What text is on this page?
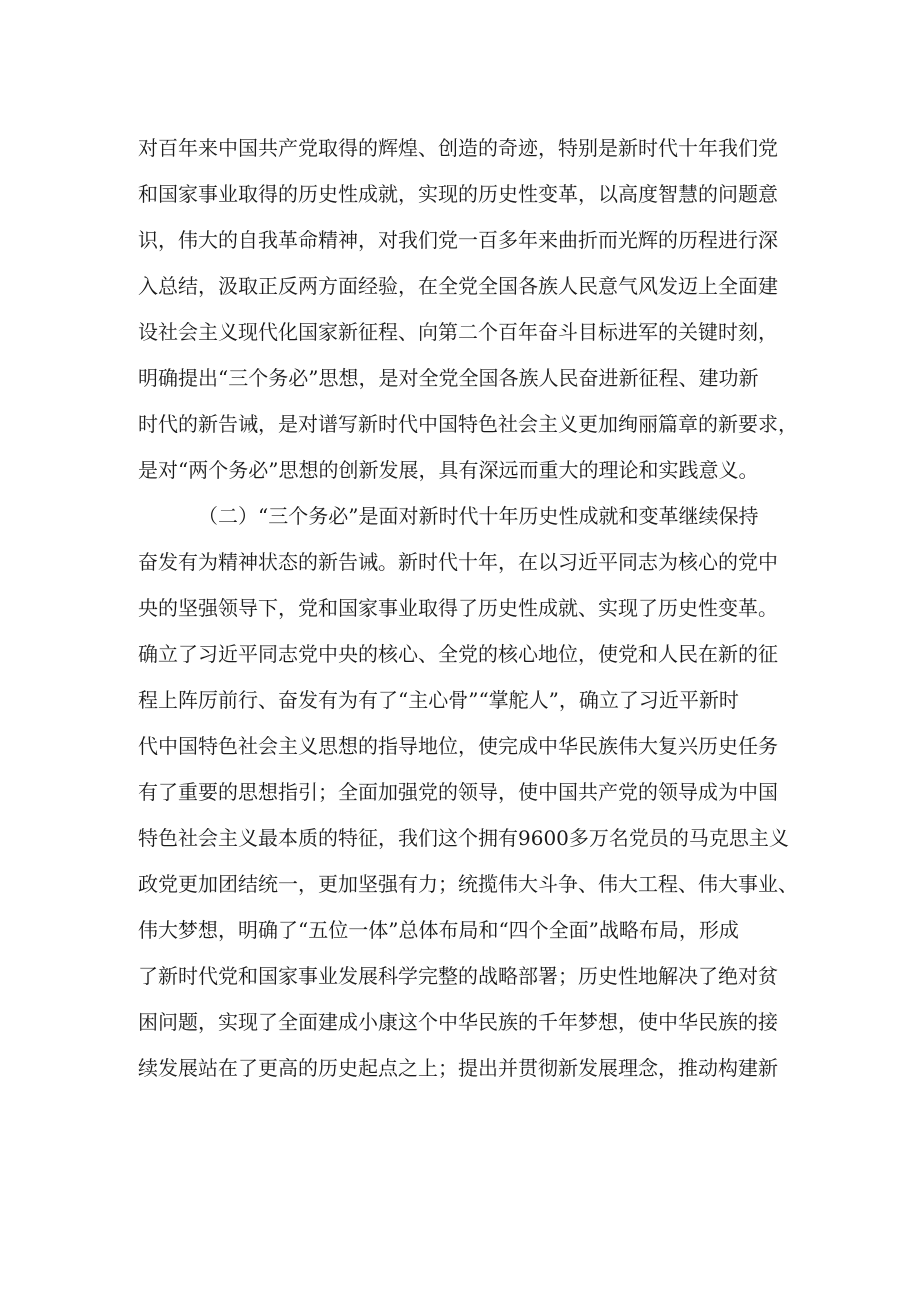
对百年来中国共产党取得的辉煌、创造的奇迹，特别是新时代十年我们党
和国家事业取得的历史性成就，实现的历史性变革，以高度智慧的问题意
识，伟大的自我革命精神，对我们党一百多年来曲折而光辉的历程进行深
入总结，汲取正反两方面经验，在全党全国各族人民意气风发迈上全面建
设社会主义现代化国家新征程、向第二个百年奋斗目标进军的关键时刻，
明确提出“三个务必”思想，是对全党全国各族人民奋进新征程、建功新
时代的新告诫，是对谱写新时代中国特色社会主义更加绚丽篇章的新要求，
是对“两个务必”思想的创新发展，具有深远而重大的理论和实践意义。
（二）“三个务必”是面对新时代十年历史性成就和变革继续保持
奋发有为精神状态的新告诫。新时代十年，在以习近平同志为核心的党中
央的坚强领导下，党和国家事业取得了历史性成就、实现了历史性变革。
确立了习近平同志党中央的核心、全党的核心地位，使党和人民在新的征
程上阵厉前行、奋发有为有了“主心骨”“掌舵人”，确立了习近平新时
代中国特色社会主义思想的指导地位，使完成中华民族伟大复兴历史任务
有了重要的思想指引；全面加强党的领导，使中国共产党的领导成为中国
特色社会主义最本质的特征，我们这个拥有9600多万名党员的马克思主义
政党更加团结统一，更加坚强有力；统揽伟大斗争、伟大工程、伟大事业、
伟大梦想，明确了“五位一体”总体布局和“四个全面”战略布局，形成
了新时代党和国家事业发展科学完整的战略部署；历史性地解决了绝对贫
困问题，实现了全面建成小康这个中华民族的千年梦想，使中华民族的接
续发展站在了更高的历史起点之上；提出并贯彻新发展理念，推动构建新
